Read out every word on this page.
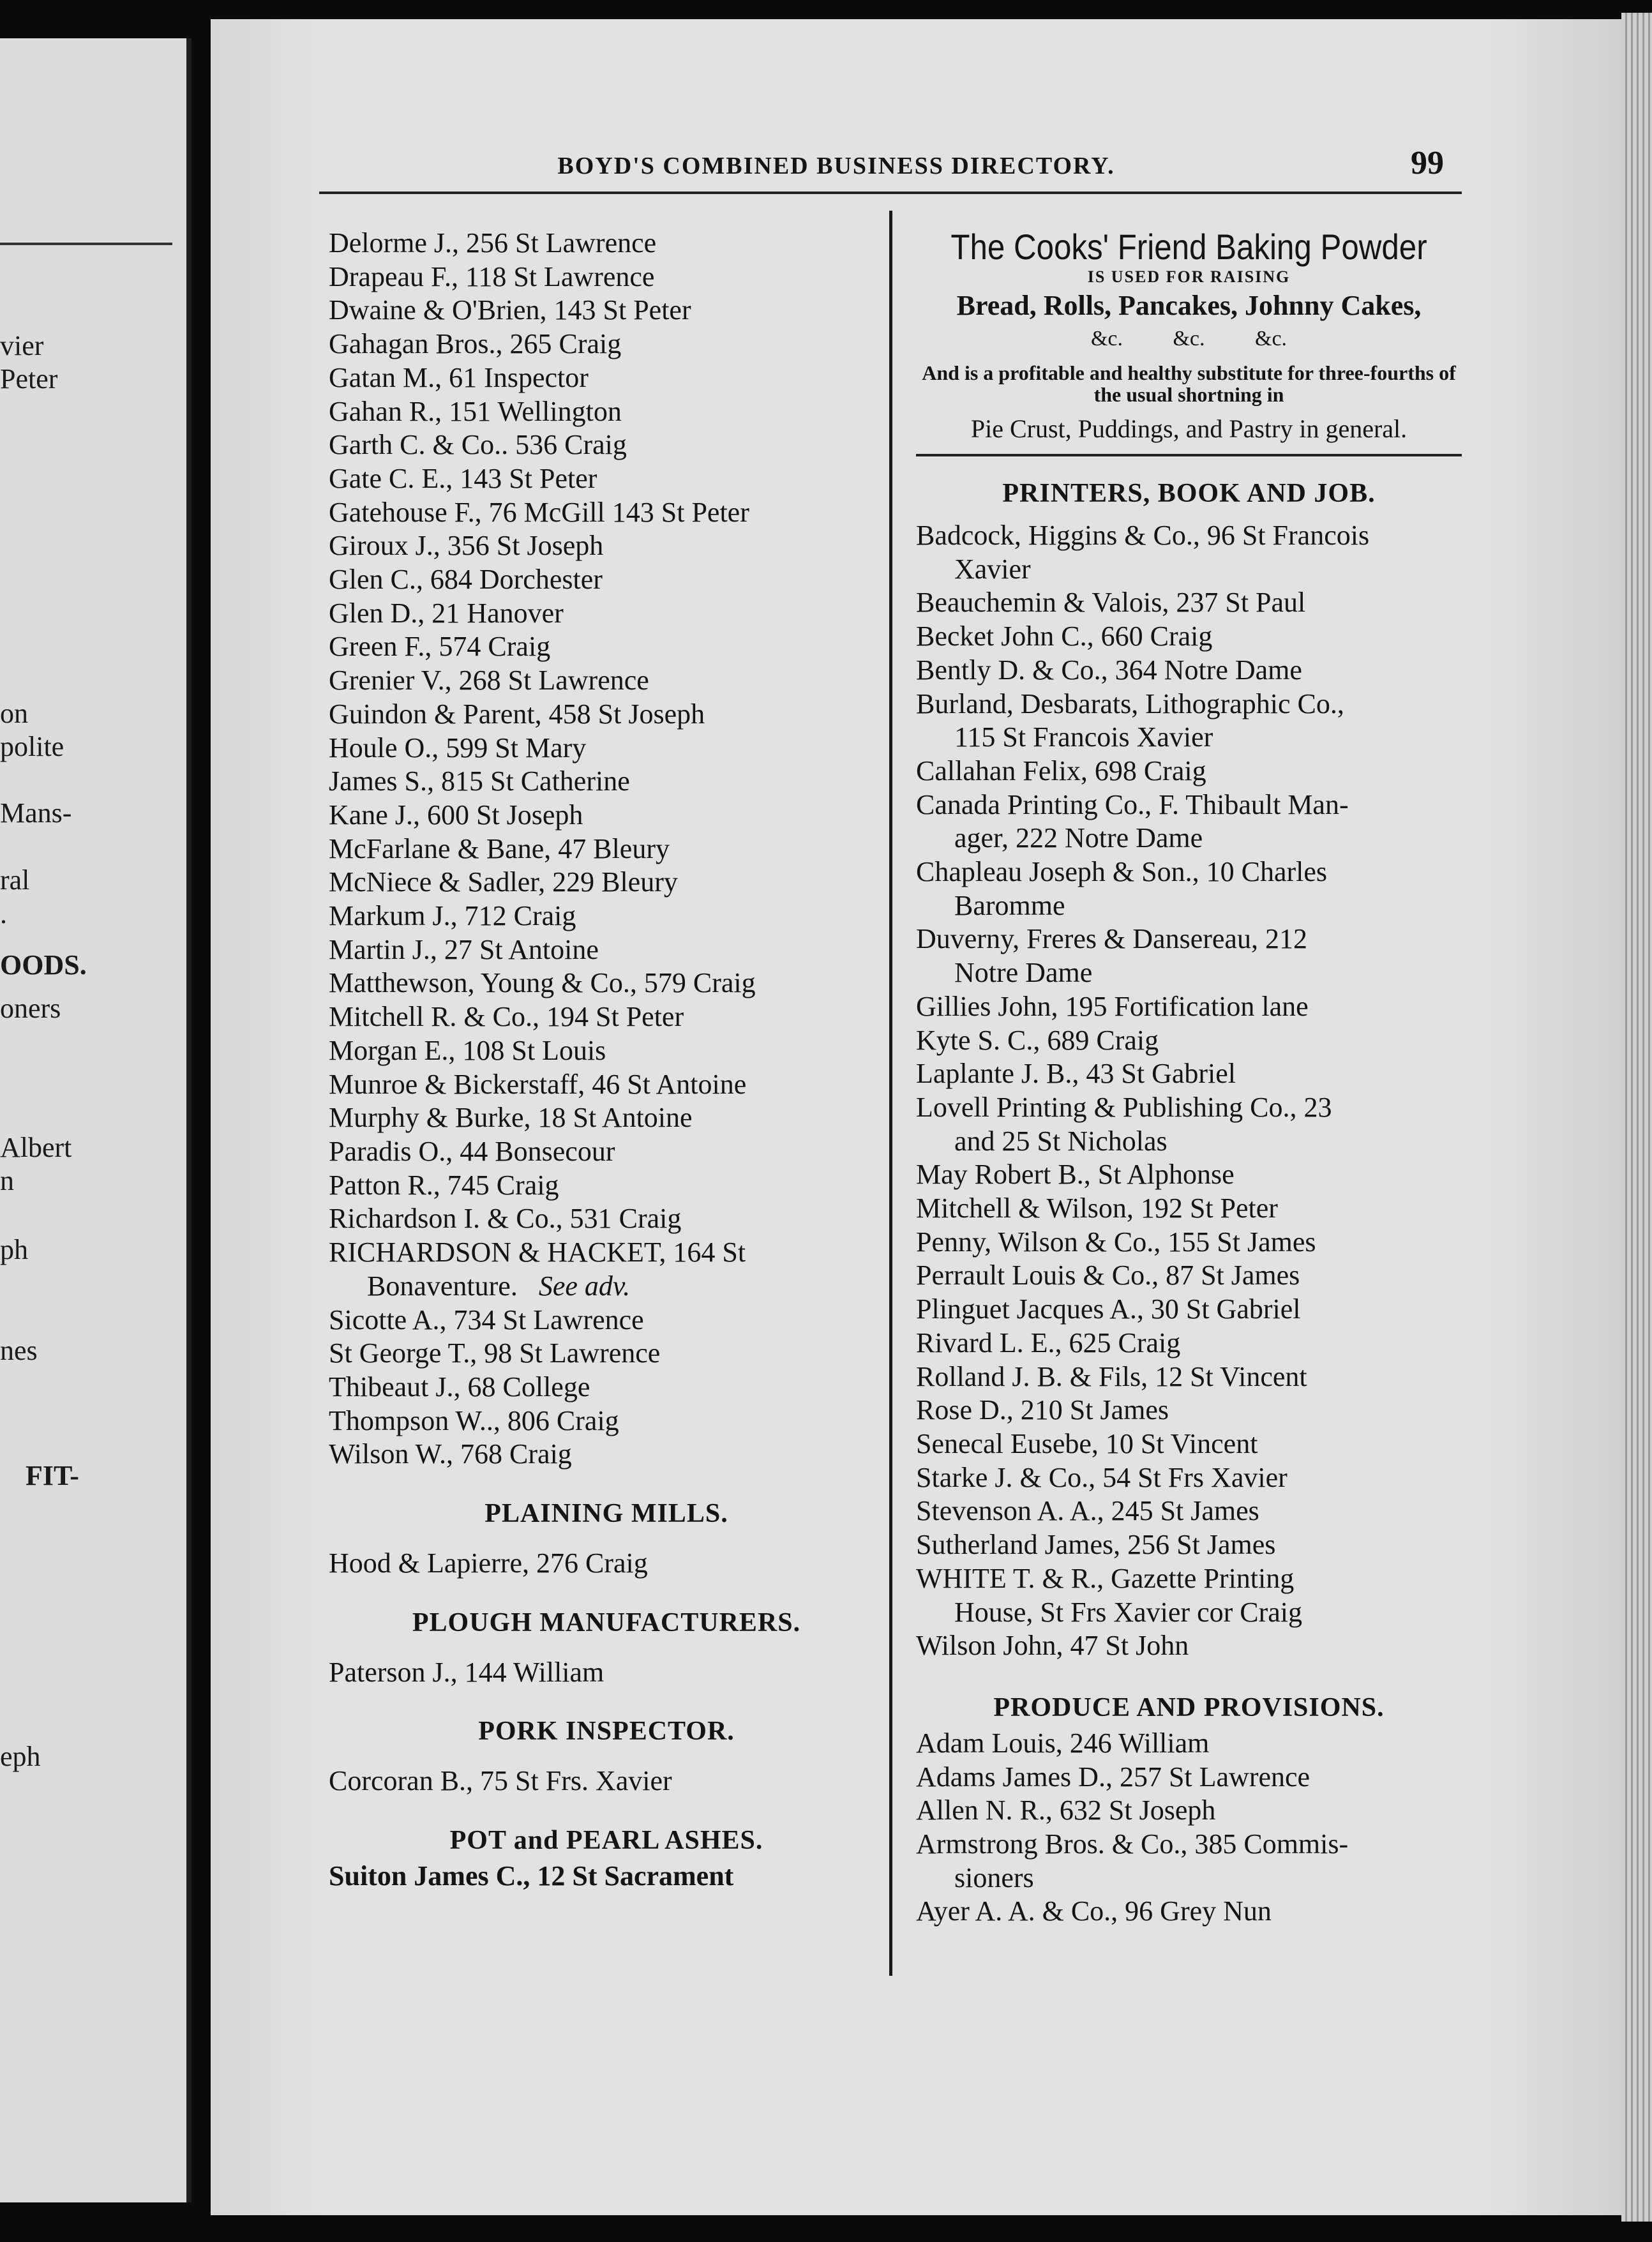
vier
Peter
on
polite
Mans-
ral
.
OODS.
oners
Albert
n
ph
nes
FIT-
eph
BOYD'S COMBINED BUSINESS DIRECTORY.	99
Delorme J., 256 St Lawrence
Drapeau F., 118 St Lawrence
Dwaine & O'Brien, 143 St Peter
Gahagan Bros., 265 Craig
Gatan M., 61 Inspector
Gahan R., 151 Wellington
Garth C. & Co.. 536 Craig
Gate C. E., 143 St Peter
Gatehouse F., 76 McGill 143 St Peter
Giroux J., 356 St Joseph
Glen C., 684 Dorchester
Glen D., 21 Hanover
Green F., 574 Craig
Grenier V., 268 St Lawrence
Guindon & Parent, 458 St Joseph
Houle O., 599 St Mary
James S., 815 St Catherine
Kane J., 600 St Joseph
McFarlane & Bane, 47 Bleury
McNiece & Sadler, 229 Bleury
Markum J., 712 Craig
Martin J., 27 St Antoine
Matthewson, Young & Co., 579 Craig
Mitchell R. & Co., 194 St Peter
Morgan E., 108 St Louis
Munroe & Bickerstaff, 46 St Antoine
Murphy & Burke, 18 St Antoine
Paradis O., 44 Bonsecour
Patton R., 745 Craig
Richardson I. & Co., 531 Craig
RICHARDSON & HACKET, 164 St
Bonaventure. See adv.
Sicotte A., 734 St Lawrence
St George T., 98 St Lawrence
Thibeaut J., 68 College
Thompson W.., 806 Craig
Wilson W., 768 Craig
PLAINING MILLS.
Hood & Lapierre, 276 Craig
PLOUGH MANUFACTURERS.
Paterson J., 144 William
PORK INSPECTOR.
Corcoran B., 75 St Frs. Xavier
POT and PEARL ASHES.
Suiton James C., 12 St Sacrament
The Cooks' Friend Baking Powder
IS USED FOR RAISING
Bread, Rolls, Pancakes, Johnny Cakes,
&c. &c. &c.
And is a profitable and healthy substitute for three-fourths of the usual shortning in
Pie Crust, Puddings, and Pastry in general.
PRINTERS, BOOK AND JOB.
Badcock, Higgins & Co., 96 St Francois
Xavier
Beauchemin & Valois, 237 St Paul
Becket John C., 660 Craig
Bently D. & Co., 364 Notre Dame
Burland, Desbarats, Lithographic Co.,
115 St Francois Xavier
Callahan Felix, 698 Craig
Canada Printing Co., F. Thibault Man-
ager, 222 Notre Dame
Chapleau Joseph & Son., 10 Charles
Baromme
Duverny, Freres & Dansereau, 212
Notre Dame
Gillies John, 195 Fortification lane
Kyte S. C., 689 Craig
Laplante J. B., 43 St Gabriel
Lovell Printing & Publishing Co., 23
and 25 St Nicholas
May Robert B., St Alphonse
Mitchell & Wilson, 192 St Peter
Penny, Wilson & Co., 155 St James
Perrault Louis & Co., 87 St James
Plinguet Jacques A., 30 St Gabriel
Rivard L. E., 625 Craig
Rolland J. B. & Fils, 12 St Vincent
Rose D., 210 St James
Senecal Eusebe, 10 St Vincent
Starke J. & Co., 54 St Frs Xavier
Stevenson A. A., 245 St James
Sutherland James, 256 St James
WHITE T. & R., Gazette Printing
House, St Frs Xavier cor Craig
Wilson John, 47 St John
PRODUCE AND PROVISIONS.
Adam Louis, 246 William
Adams James D., 257 St Lawrence
Allen N. R., 632 St Joseph
Armstrong Bros. & Co., 385 Commis-
sioners
Ayer A. A. & Co., 96 Grey Nun
